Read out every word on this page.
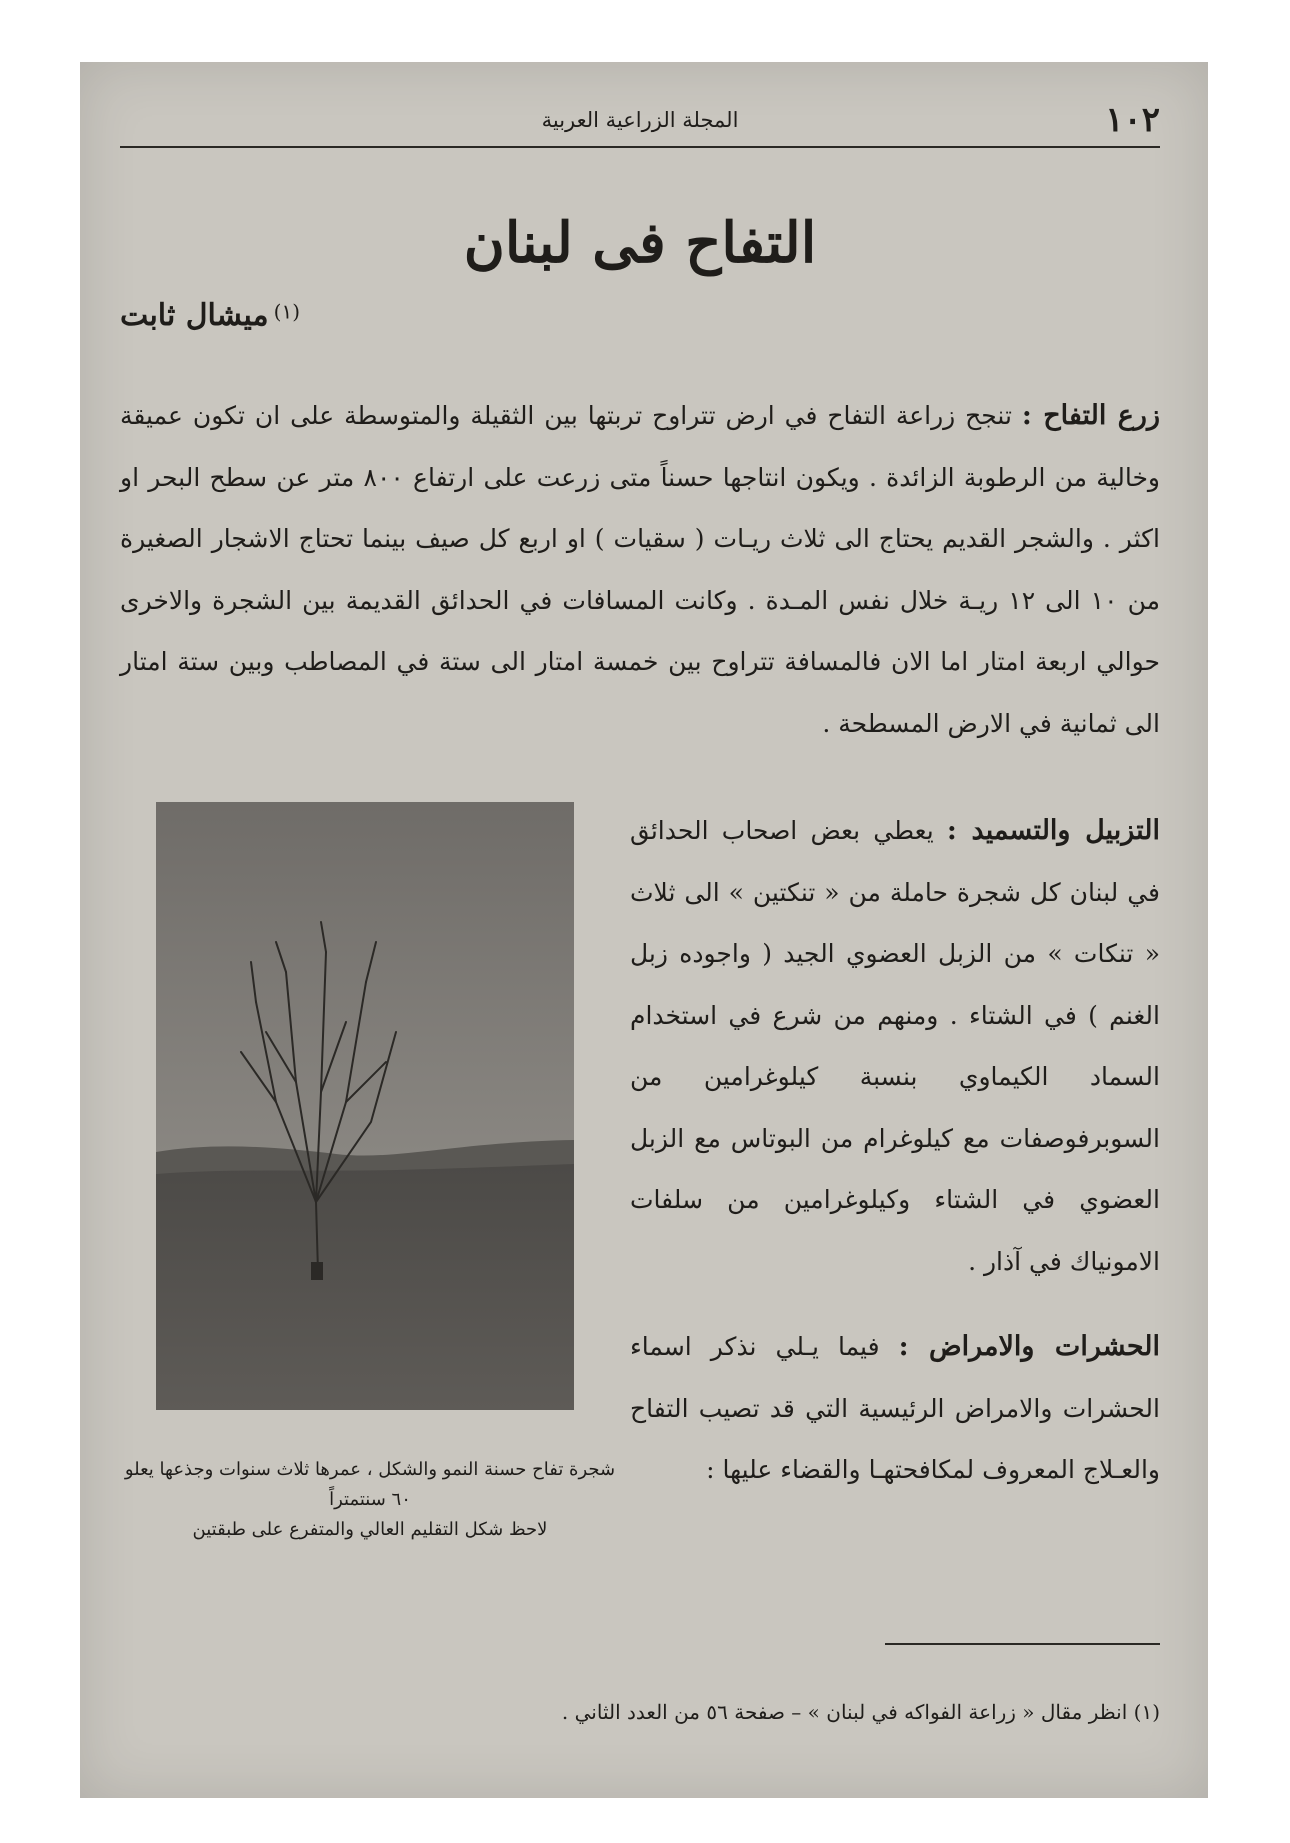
١٠٢
المجلة الزراعية العربية
التفاح فى لبنان
(١) ميشال ثابت

زرع التفاح : تنجح زراعة التفاح في ارض تتراوح تربتها بين الثقيلة والمتوسطة على ان تكون عميقة وخالية من الرطوبة الزائدة . ويكون انتاجها حسناً متى زرعت على ارتفاع ٨٠٠ متر عن سطح البحر او اكثر . والشجر القديم يحتاج الى ثلاث ريـات ( سقيات ) او اربع كل صيف بينما تحتاج الاشجار الصغيرة من ١٠ الى ١٢ ريـة خلال نفس المـدة . وكانت المسافات في الحدائق القديمة بين الشجرة والاخرى حوالي اربعة امتار اما الان فالمسافة تتراوح بين خمسة امتار الى ستة في المصاطب وبين ستة امتار الى ثمانية في الارض المسطحة .

التزبيل والتسميد : يعطي بعض اصحاب الحدائق في لبنان كل شجرة حاملة من « تنكتين » الى ثلاث « تنكات » من الزبل العضوي الجيد ( واجوده زبل الغنم ) في الشتاء . ومنهم من شرع في استخدام السماد الكيماوي بنسبة كيلوغرامين من السوبرفوصفات مع كيلوغرام من البوتاس مع الزبل العضوي في الشتاء وكيلوغرامين من سلفات الامونياك في آذار .

الحشرات والامراض : فيما يـلي نذكر اسماء الحشرات والامراض الرئيسية التي قد تصيب التفاح والعـلاج المعروف لمكافحتهـا والقضاء عليها :

شجرة تفاح حسنة النمو والشكل ، عمرها ثلاث سنوات وجذعها يعلو ٦٠ سنتمتراً
لاحظ شكل التقليم العالي والمتفرع على طبقتين
(١) انظر مقال « زراعة الفواكه في لبنان » – صفحة ٥٦ من العدد الثاني .
